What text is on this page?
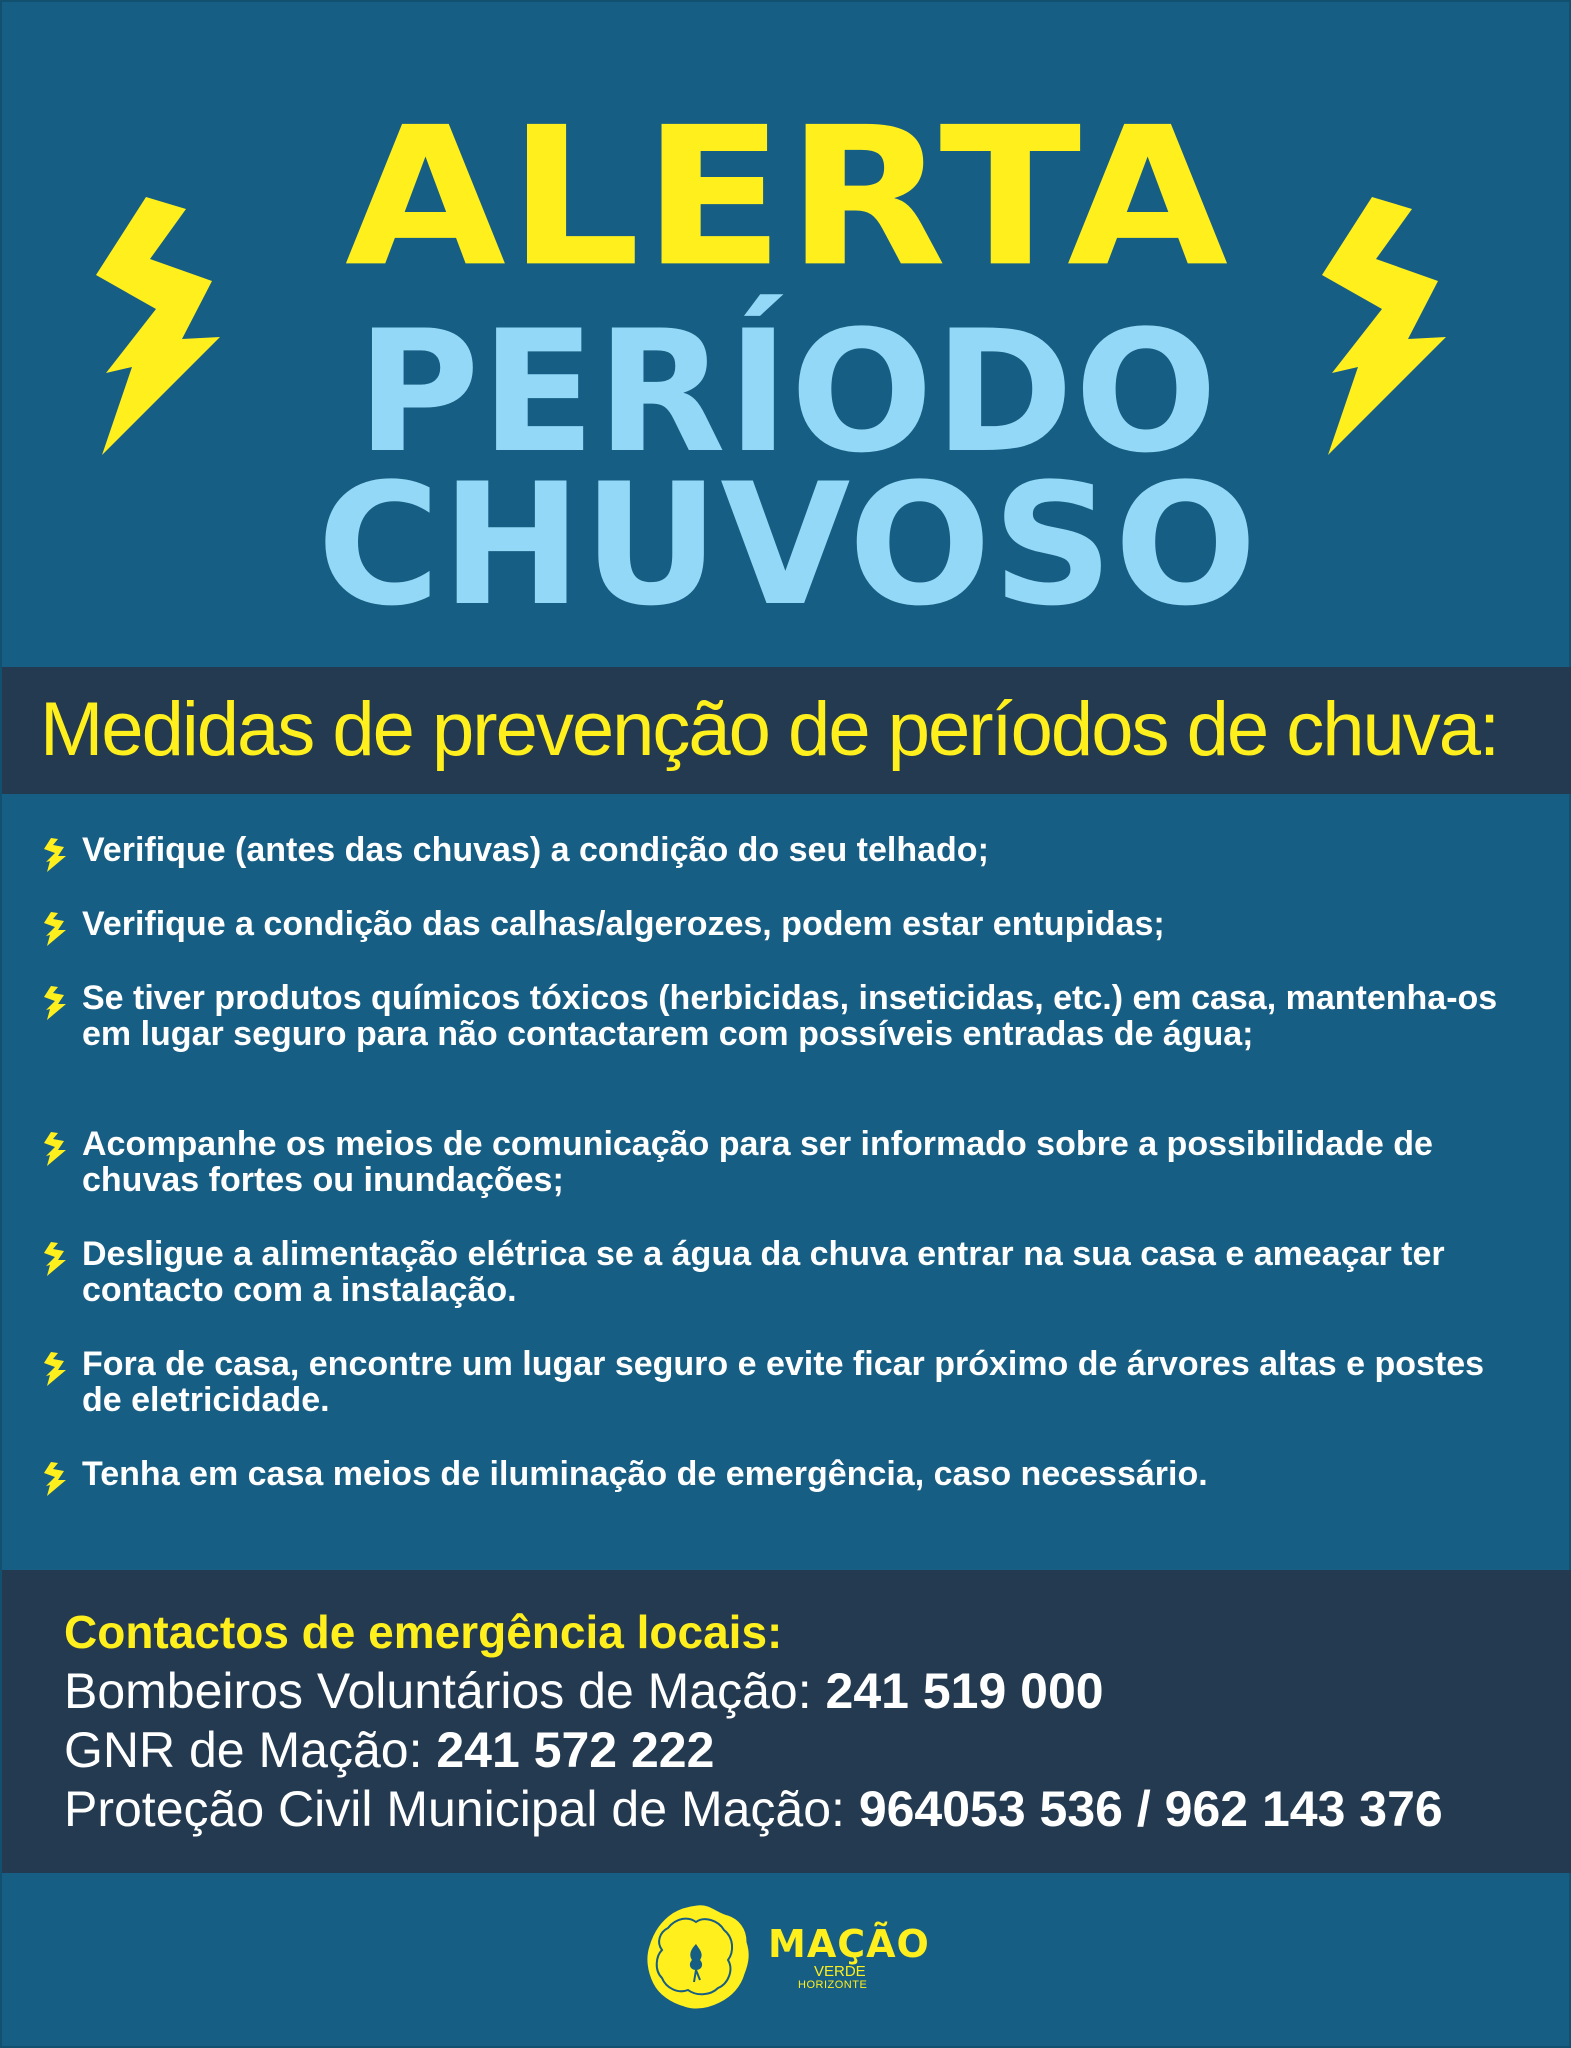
ALERTA
PERÍODO
CHUVOSO
Medidas de prevenção de períodos de chuva:
Verifique (antes das chuvas) a condição do seu telhado;
Verifique a condição das calhas/algerozes, podem estar entupidas;
Se tiver produtos químicos tóxicos (herbicidas, inseticidas, etc.) em casa, mantenha-os em lugar seguro para não contactarem com possíveis entradas de água;
Acompanhe os meios de comunicação para ser informado sobre a possibilidade de chuvas fortes ou inundações;
Desligue a alimentação elétrica se a água da chuva entrar na sua casa e ameaçar ter contacto com a instalação.
Fora de casa, encontre um lugar seguro e evite ficar próximo de árvores altas e postes de eletricidade.
Tenha em casa meios de iluminação de emergência, caso necessário.
Contactos de emergência locais:
Bombeiros Voluntários de Mação: 241 519 000
GNR de Mação: 241 572 222
Proteção Civil Municipal de Mação: 964053 536 / 962 143 376
MAÇÃO
VERDE
HORIZONTE
